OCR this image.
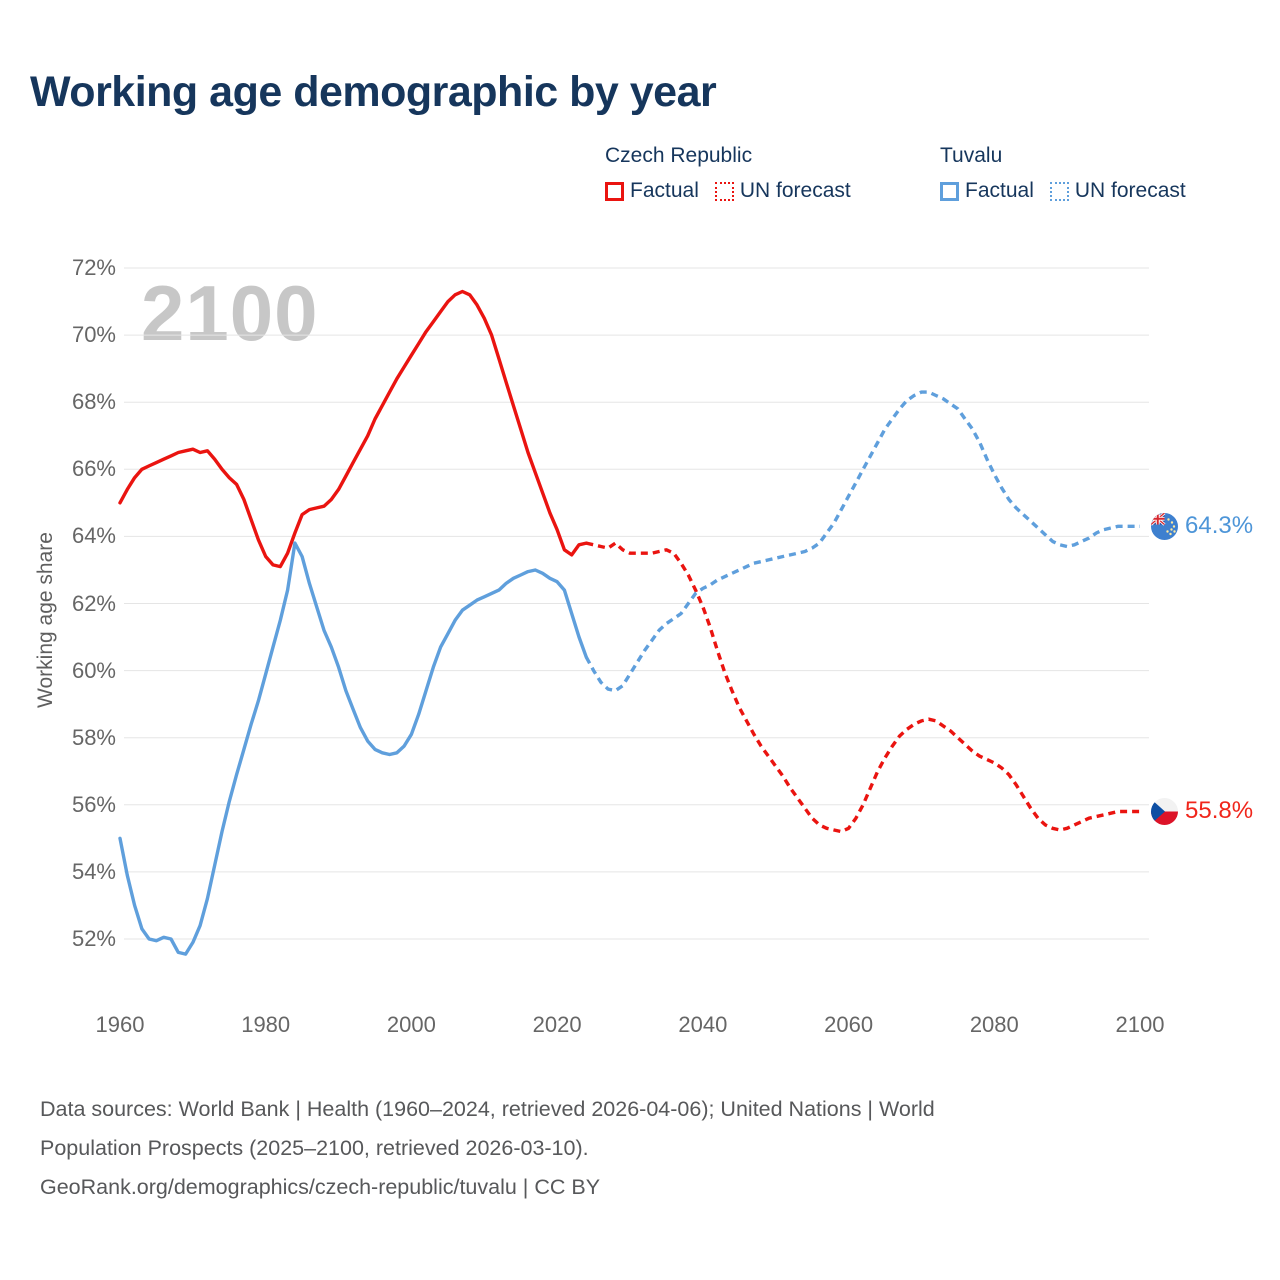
Working age demographic by year
Czech Republic
Factual UN forecast
Tuvalu
Factual UN forecast
2100
Working age share
72%
70%
68%
66%
64%
62%
60%
58%
56%
54%
52%
1960	1980	2000	2020	2040	2060	2080	2100
64.3%
55.8%
Data sources: World Bank | Health (1960–2024, retrieved 2026-04-06); United Nations | World
Population Prospects (2025–2100, retrieved 2026-03-10).
GeoRank.org/demographics/czech-republic/tuvalu | CC BY
